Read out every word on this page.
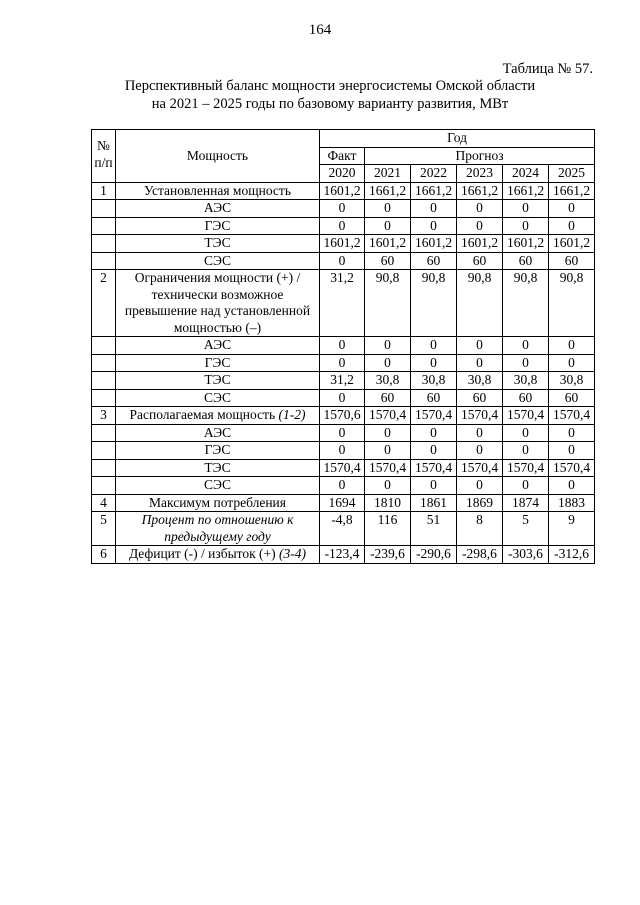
164
Таблица № 57.
Перспективный баланс мощности энергосистемы Омской области
на 2021 – 2025 годы по базовому варианту развития, МВт
№ п/п	Мощность	Год					
		Факт	Прогноз				
		2020	2021	2022	2023	2024	2025
1	Установленная мощность	1601,2	1661,2	1661,2	1661,2	1661,2	1661,2
	АЭС	0	0	0	0	0	0
	ГЭС	0	0	0	0	0	0
	ТЭС	1601,2	1601,2	1601,2	1601,2	1601,2	1601,2
	СЭС	0	60	60	60	60	60
2	Ограничения мощности (+) / технически возможное превышение над установленной мощностью (–)	31,2	90,8	90,8	90,8	90,8	90,8
	АЭС	0	0	0	0	0	0
	ГЭС	0	0	0	0	0	0
	ТЭС	31,2	30,8	30,8	30,8	30,8	30,8
	СЭС	0	60	60	60	60	60
3	Располагаемая мощность (1-2)	1570,6	1570,4	1570,4	1570,4	1570,4	1570,4
	АЭС	0	0	0	0	0	0
	ГЭС	0	0	0	0	0	0
	ТЭС	1570,4	1570,4	1570,4	1570,4	1570,4	1570,4
	СЭС	0	0	0	0	0	0
4	Максимум потребления	1694	1810	1861	1869	1874	1883
5	Процент по отношению к предыдущему году	-4,8	116	51	8	5	9
6	Дефицит (-) / избыток (+) (3-4)	-123,4	-239,6	-290,6	-298,6	-303,6	-312,6
